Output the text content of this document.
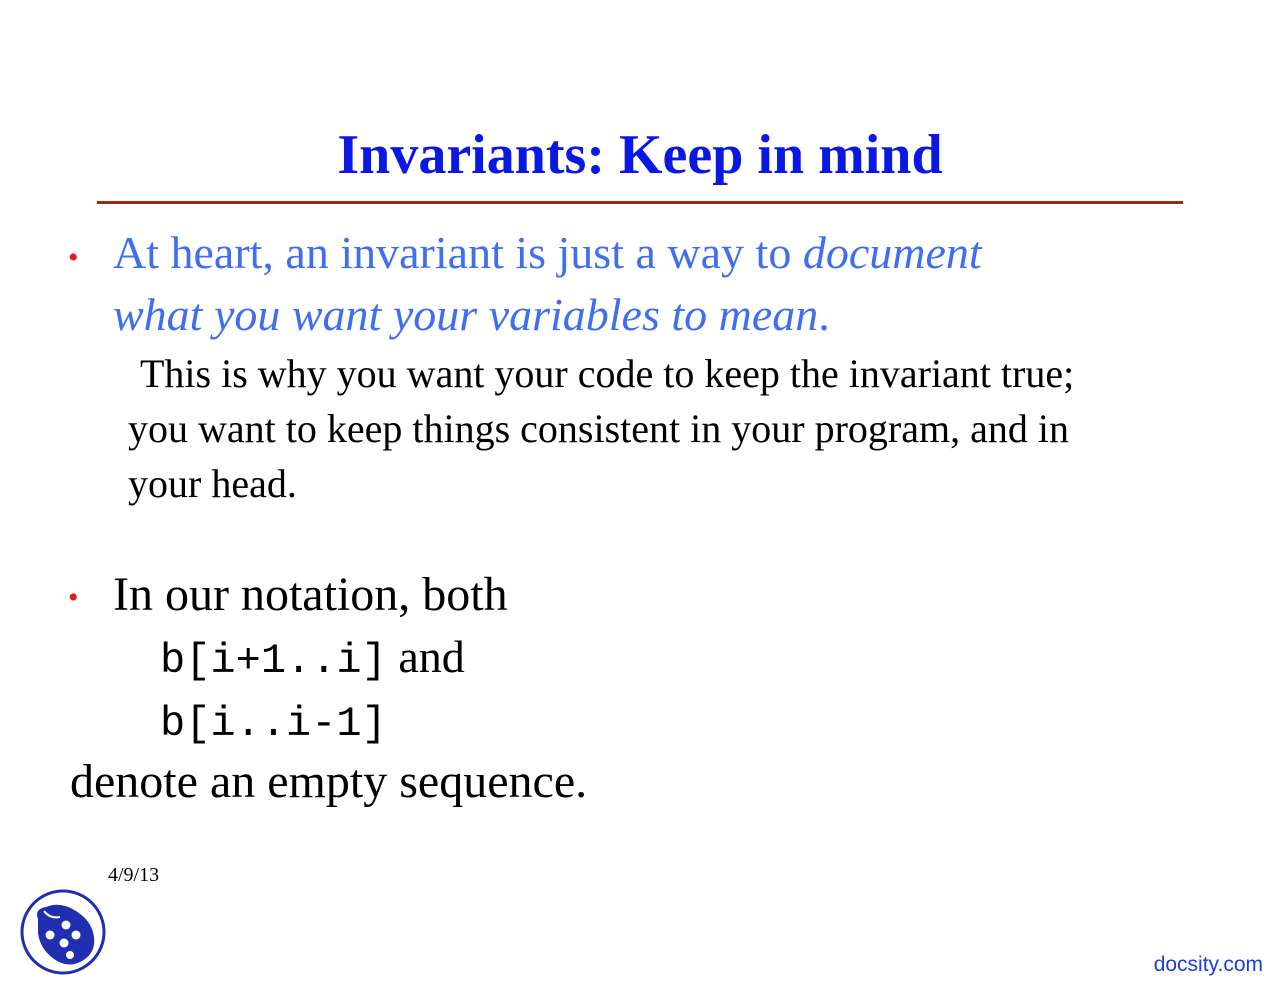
Invariants: Keep in mind
• At heart, an invariant is just a way to document
what you want your variables to mean.
This is why you want your code to keep the invariant true;
you want to keep things consistent in your program, and in
your head.
• In our notation, both
b[i+1..i] and
b[i..i-1]
denote an empty sequence.
4/9/13
docsity.com
